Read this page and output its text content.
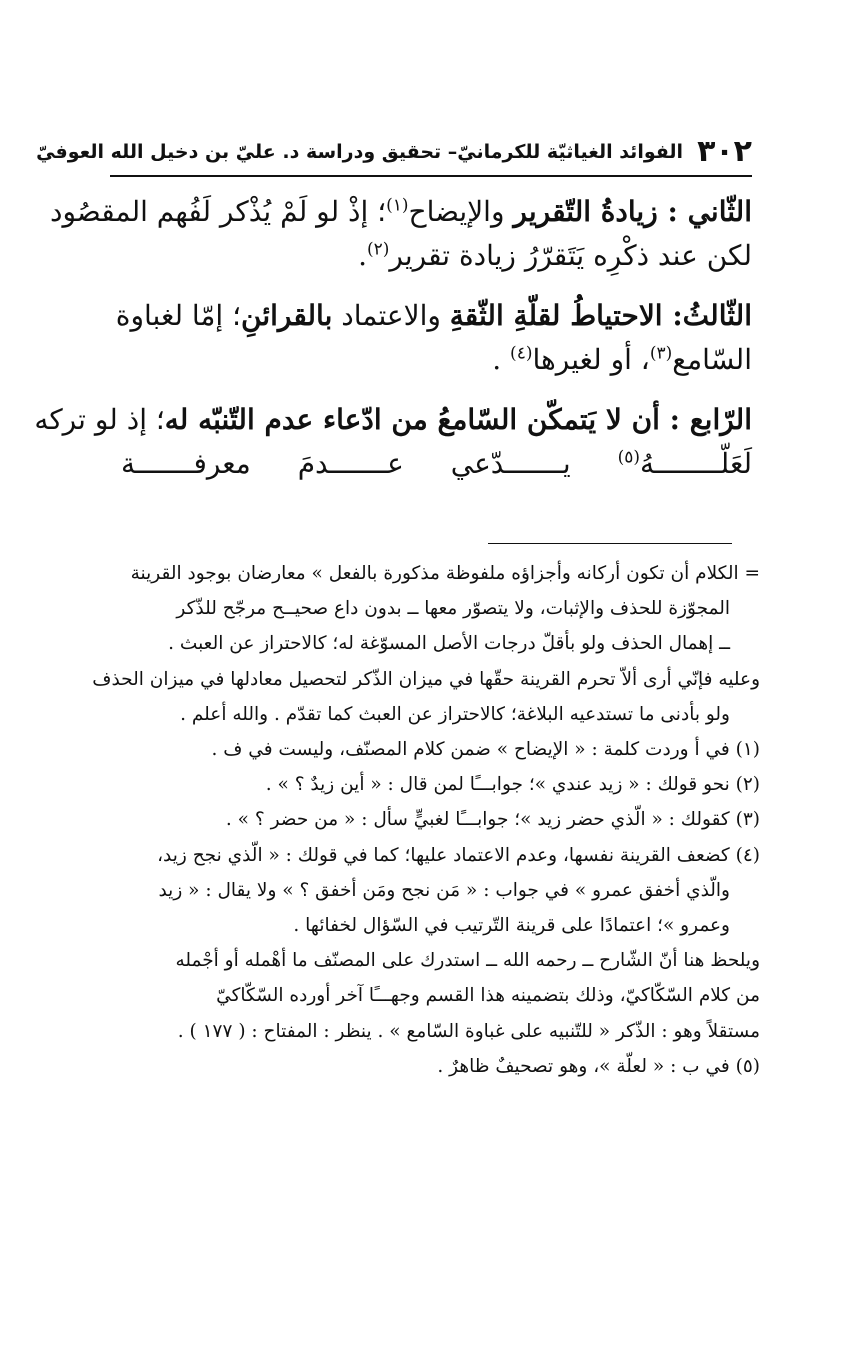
٣٠٢
الفوائد الغياثيّة للكرمانيّ– تحقيق ودراسة د. عليّ بن دخيل الله العوفيّ

الثّاني : زيادةُ التّقرير والإيضاح$^{(١)}$؛ إذْ لو لَمْ يُذْكر لَفُهم المقصُود
لكن عند ذكْرِه يَتَقرّرُ زيادة تقرير$^{(٢)}$.

الثّالثُ: الاحتياطُ لقلّةِ الثّقةِ والاعتماد بالقرائنِ؛ إمّا لغباوة
السّامع$^{(٣)}$، أو لغيرها$^{(٤)}$ .

الرّابع : أن لا يَتمكّن السّامعُ من ادّعاء عدم التّنبّه له؛ إذ لو تركه
لَعَلّــــــــهُ$^{(٥)}$ يـــــــدّعي عـــــــدمَ معرفـــــــة

= الكلام أن تكون أركانه وأجزاؤه ملفوظة مذكورة بالفعل » معارضان بوجود القرينة
المجوّزة للحذف والإثبات، ولا يتصوّر معها ــ بدون داع صحيــح مرجّح للذّكر
ــ إهمال الحذف ولو بأقلّ درجات الأصل المسوّغة له؛ كالاحتراز عن العبث .
وعليه فإنّي أرى ألاّ تحرم القرينة حقّها في ميزان الذّكر لتحصيل معادلها في ميزان الحذف
ولو بأدنى ما تستدعيه البلاغة؛ كالاحتراز عن العبث كما تقدّم . والله أعلم .
(١) في أ وردت كلمة : « الإيضاح » ضمن كلام المصنّف، وليست في ف .
(٢) نحو قولك : « زيد عندي »؛ جوابـــًا لمن قال : « أين زيدٌ ؟ » .
(٣) كقولك : « الّذي حضر زيد »؛ جوابـــًا لغبيٍّ سأل : « من حضر ؟ » .
(٤) كضعف القرينة نفسها، وعدم الاعتماد عليها؛ كما في قولك : « الّذي نجح زيد،
والّذي أخفق عمرو » في جواب : « مَن نجح ومَن أخفق ؟ » ولا يقال : « زيد
وعمرو »؛ اعتمادًا على قرينة التّرتيب في السّؤال لخفائها .
ويلحظ هنا أنّ الشّارح ــ رحمه الله ــ استدرك على المصنّف ما أهْمله أو أجْمله
من كلام السّكّاكيّ، وذلك بتضمينه هذا القسم وجهـــًا آخر أورده السّكّاكيّ
مستقلاً وهو : الذّكر « للتّنبيه على غباوة السّامع » . ينظر : المفتاح : ( ١٧٧ ) .
(٥) في ب : « لعلّة »، وهو تصحيفٌ ظاهرٌ .
